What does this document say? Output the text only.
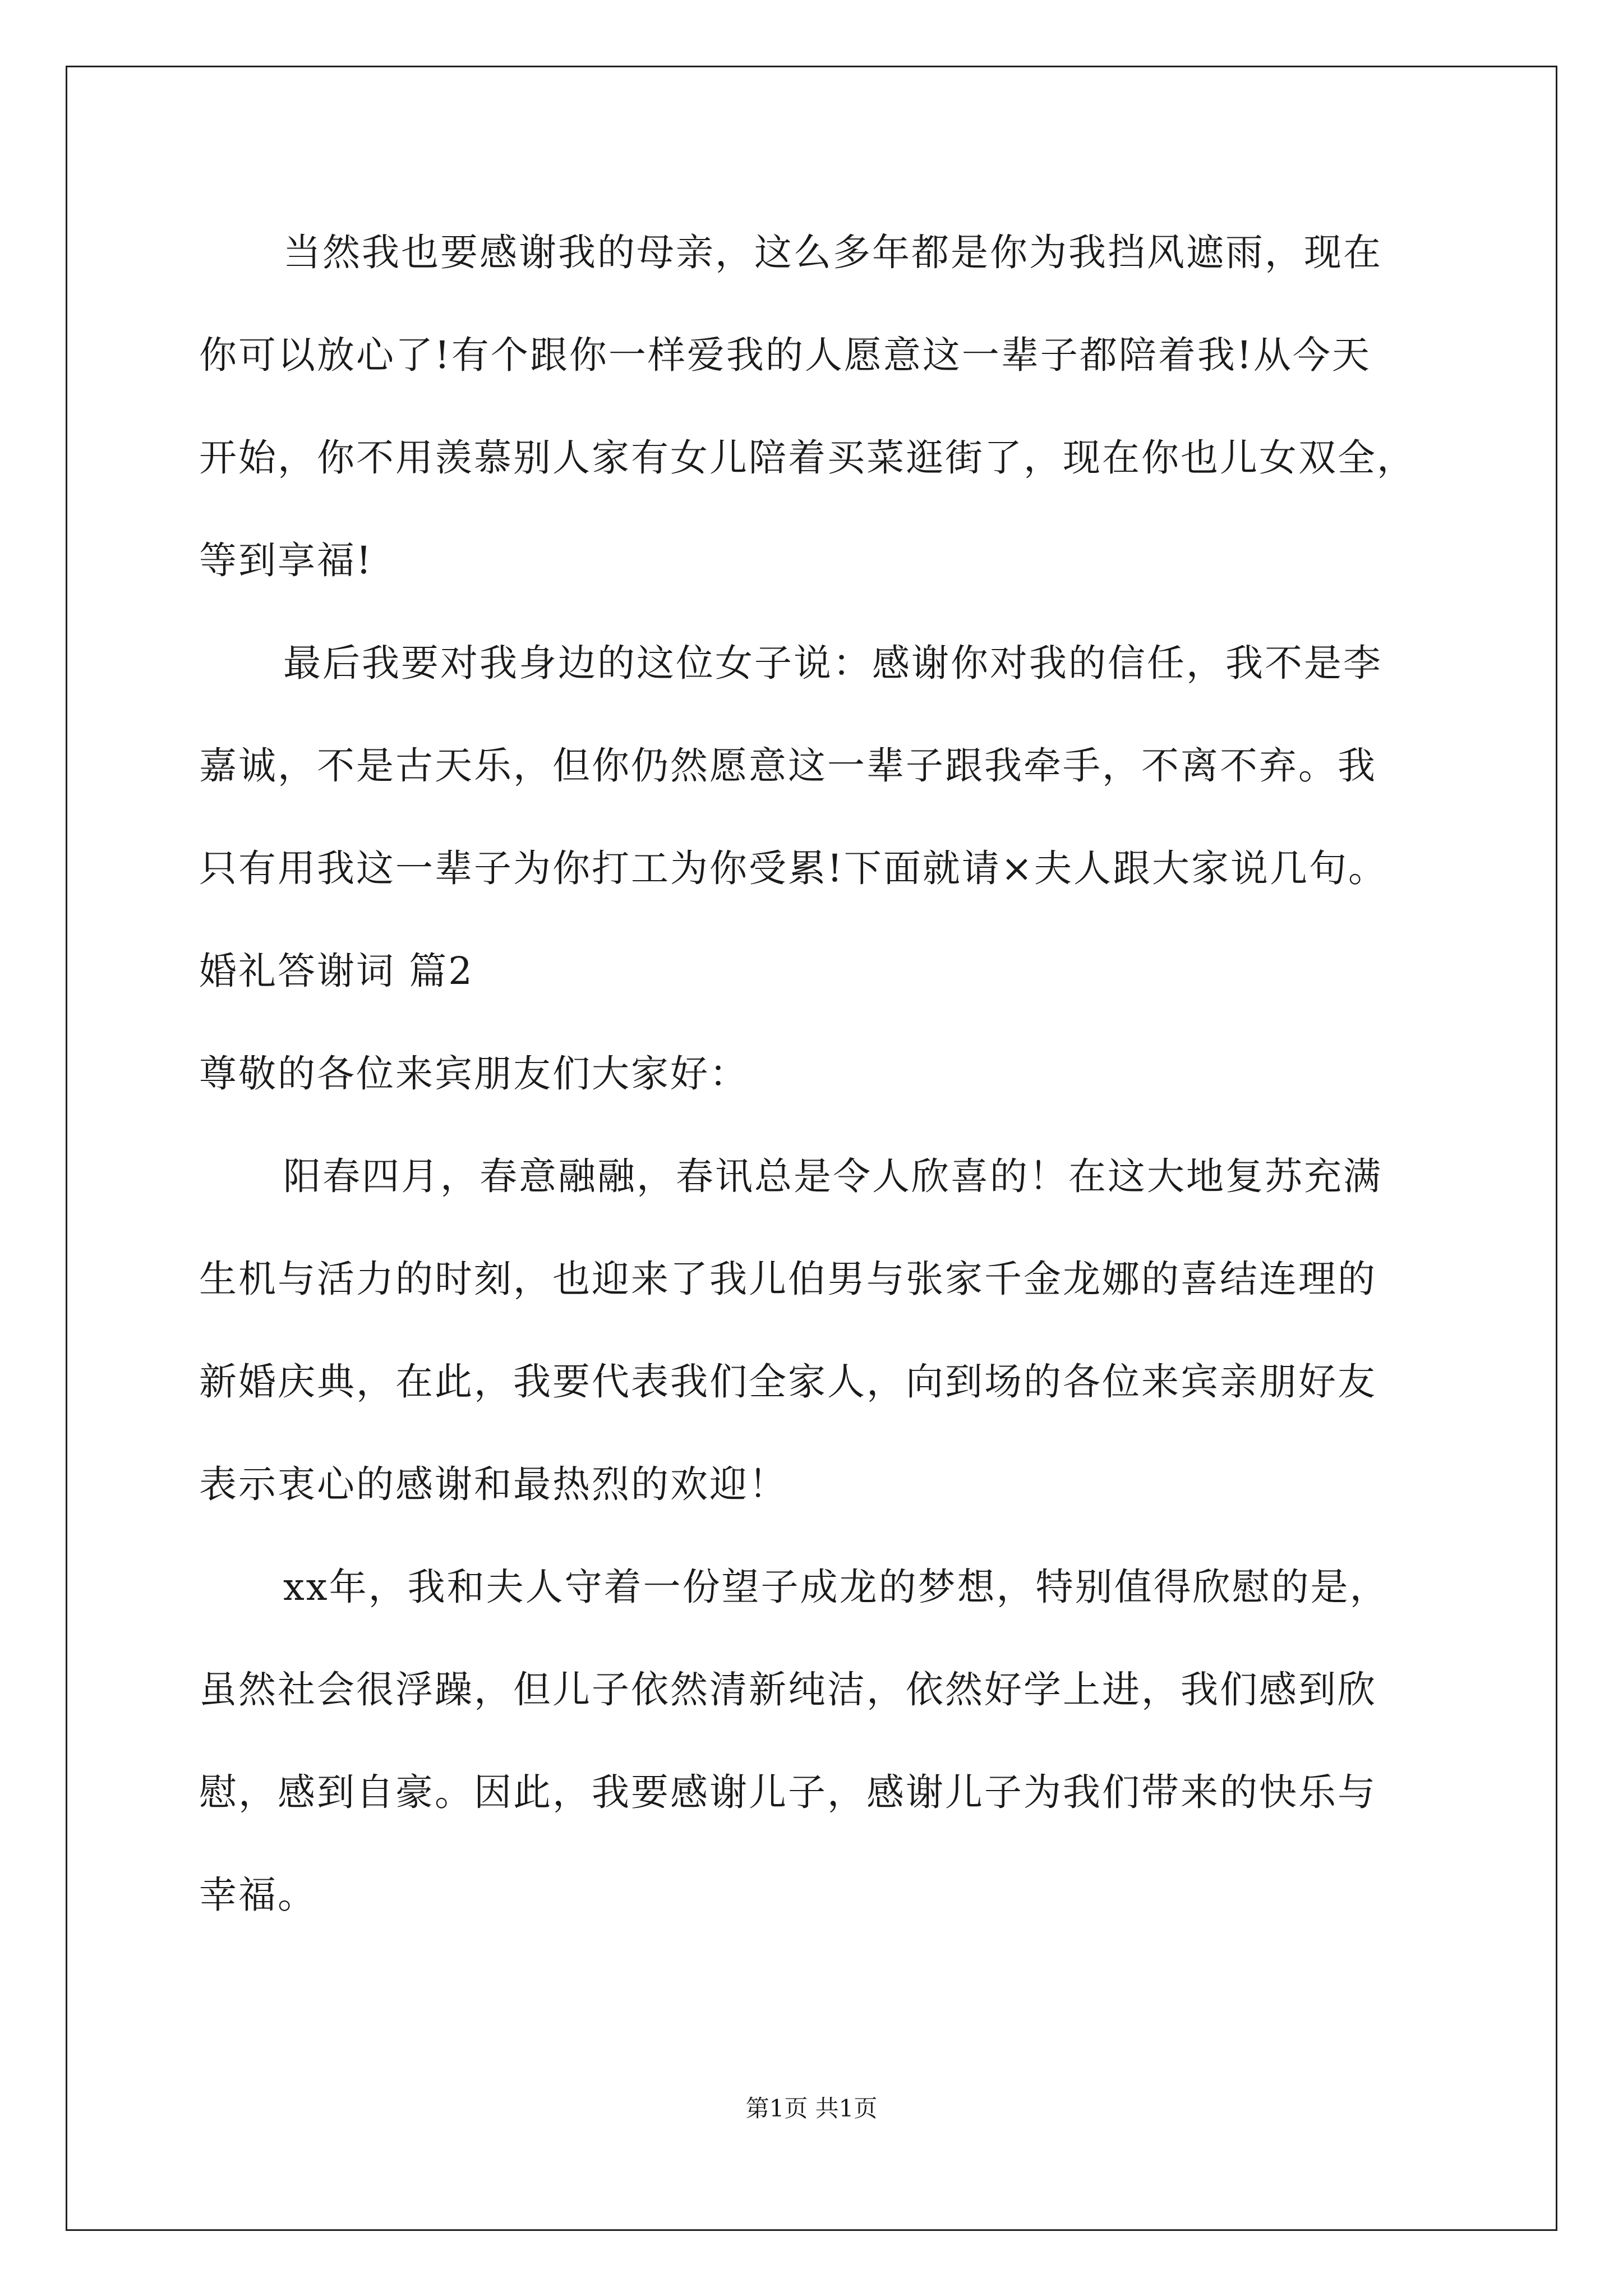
当然我也要感谢我的母亲，这么多年都是你为我挡风遮雨，现在
你可以放心了!有个跟你一样爱我的人愿意这一辈子都陪着我!从今天
开始，你不用羡慕别人家有女儿陪着买菜逛街了，现在你也儿女双全，
等到享福!
最后我要对我身边的这位女子说：感谢你对我的信任，我不是李
嘉诚，不是古天乐，但你仍然愿意这一辈子跟我牵手，不离不弃。我
只有用我这一辈子为你打工为你受累!下面就请×夫人跟大家说几句。
婚礼答谢词 篇2
尊敬的各位来宾朋友们大家好：
阳春四月，春意融融，春讯总是令人欣喜的！在这大地复苏充满
生机与活力的时刻，也迎来了我儿伯男与张家千金龙娜的喜结连理的
新婚庆典，在此，我要代表我们全家人，向到场的各位来宾亲朋好友
表示衷心的感谢和最热烈的欢迎！
xx年，我和夫人守着一份望子成龙的梦想，特别值得欣慰的是，
虽然社会很浮躁，但儿子依然清新纯洁，依然好学上进，我们感到欣
慰，感到自豪。因此，我要感谢儿子，感谢儿子为我们带来的快乐与
幸福。
第1页 共1页
